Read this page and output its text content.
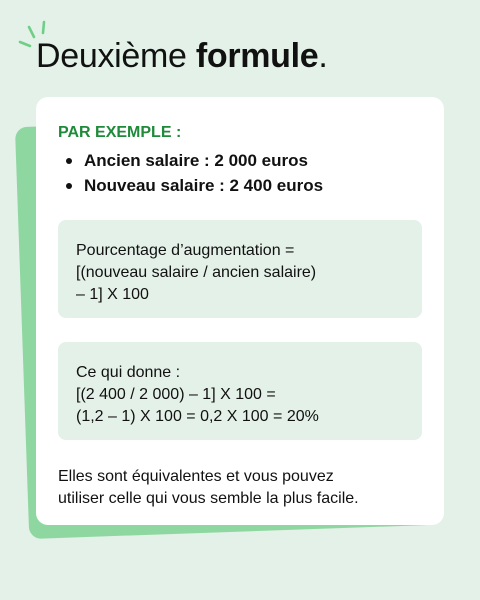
Deuxième formule.

PAR EXEMPLE :

Ancien salaire : 2 000 euros
Nouveau salaire : 2 400 euros
Pourcentage d’augmentation =
[(nouveau salaire / ancien salaire)
– 1] X 100
Ce qui donne :
[(2 400 / 2 000) – 1] X 100 =
(1,2 – 1) X 100 = 0,2 X 100 = 20%

Elles sont équivalentes et vous pouvez
utiliser celle qui vous semble la plus facile.
